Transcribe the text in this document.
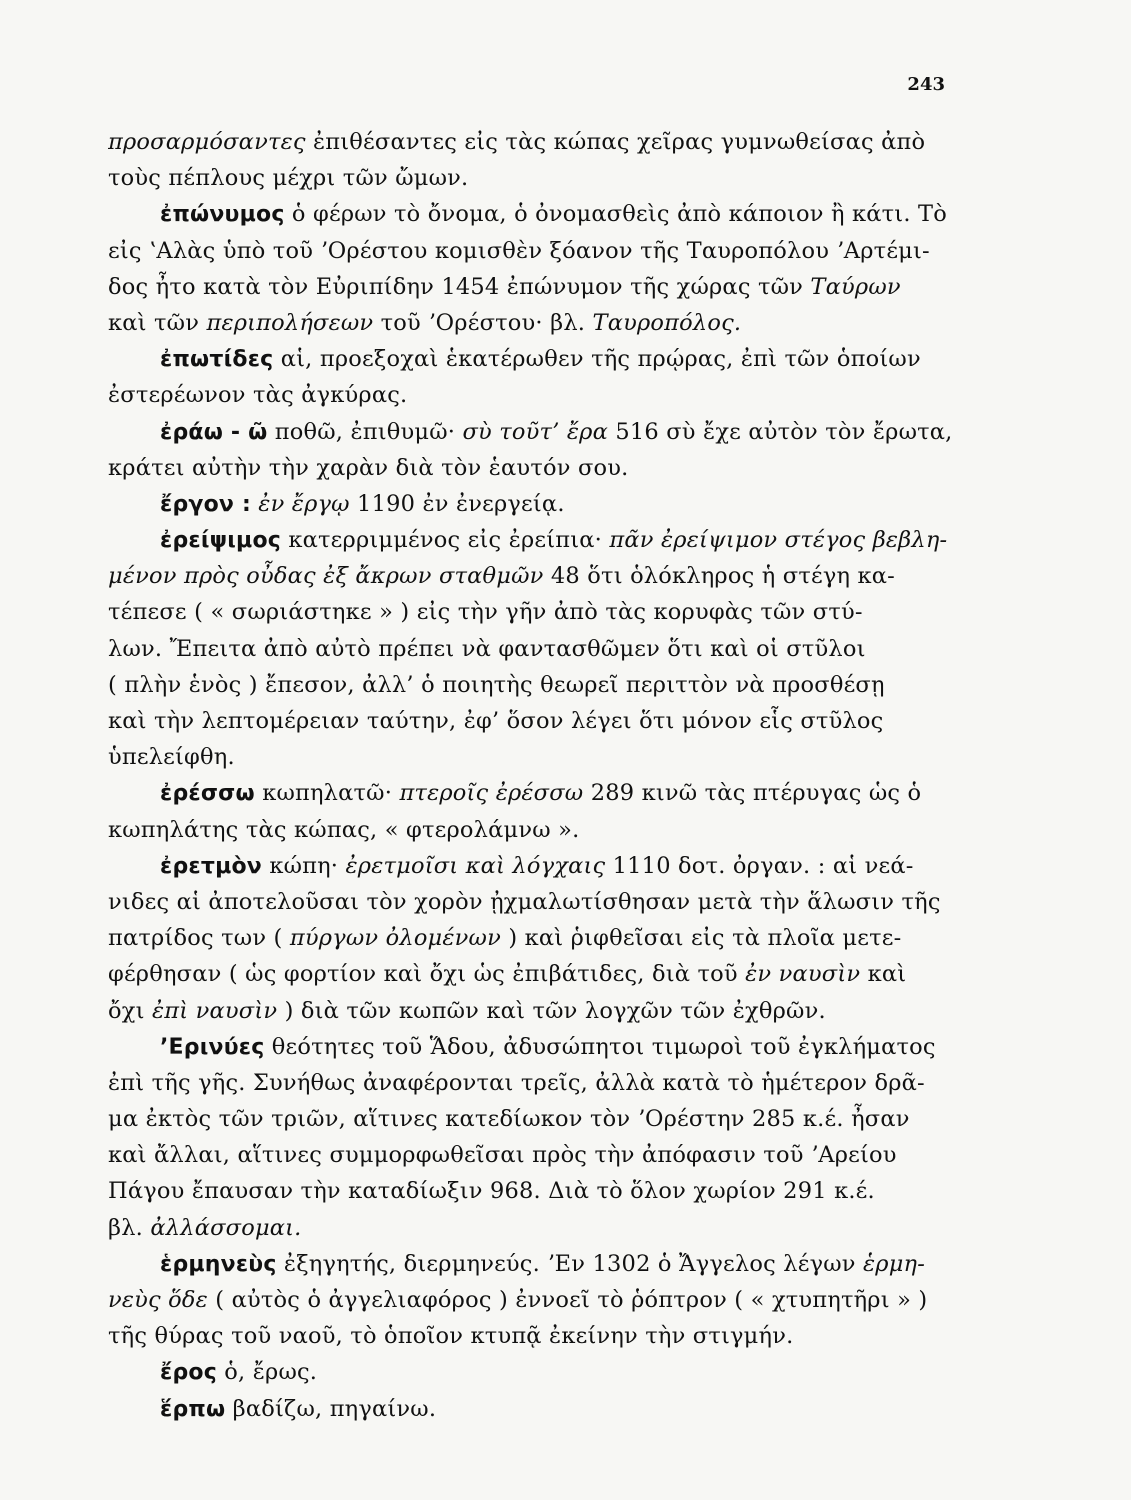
243
προσαρμόσαντες ἐπιθέσαντες εἰς τὰς κώπας χεῖρας γυμνωθείσας ἀπὸ
τοὺς πέπλους μέχρι τῶν ὤμων.
ἐπώνυμος ὁ φέρων τὸ ὄνομα, ὁ ὀνομασθεὶς ἀπὸ κάποιον ἢ κάτι. Τὸ
εἰς ʽΑλὰς ὑπὸ τοῦ ʼΟρέστου κομισθὲν ξόανον τῆς Ταυροπόλου ʼΑρτέμι-
δος ἦτο κατὰ τὸν Εὐριπίδην 1454 ἐπώνυμον τῆς χώρας τῶν Ταύρων
καὶ τῶν περιπολήσεων τοῦ ʼΟρέστου· βλ. Ταυροπόλος.
ἐπωτίδες αἱ, προεξοχαὶ ἑκατέρωθεν τῆς πρῴρας, ἐπὶ τῶν ὁποίων
ἐστερέωνον τὰς ἀγκύρας.
ἐράω - ῶ ποθῶ, ἐπιθυμῶ· σὺ τοῦτ’ ἔρα 516 σὺ ἔχε αὐτὸν τὸν ἔρωτα,
κράτει αὐτὴν τὴν χαρὰν διὰ τὸν ἑαυτόν σου.
ἔργον : ἐν ἔργῳ 1190 ἐν ἐνεργείᾳ.
ἐρείψιμος κατερριμμένος εἰς ἐρείπια· πᾶν ἐρείψιμον στέγος βεβλη-
μένον πρὸς οὖδας ἐξ ἄκρων σταθμῶν 48 ὅτι ὁλόκληρος ἡ στέγη κα-
τέπεσε ( « σωριάστηκε » ) εἰς τὴν γῆν ἀπὸ τὰς κορυφὰς τῶν στύ-
λων. Ἔπειτα ἀπὸ αὐτὸ πρέπει νὰ φαντασθῶμεν ὅτι καὶ οἱ στῦλοι
( πλὴν ἑνὸς ) ἔπεσον, ἀλλ’ ὁ ποιητὴς θεωρεῖ περιττὸν νὰ προσθέσῃ
καὶ τὴν λεπτομέρειαν ταύτην, ἐφ’ ὅσον λέγει ὅτι μόνον εἷς στῦλος
ὑπελείφθη.
ἐρέσσω κωπηλατῶ· πτεροῖς ἐρέσσω 289 κινῶ τὰς πτέρυγας ὡς ὁ
κωπηλάτης τὰς κώπας, « φτερολάμνω ».
ἐρετμὸν κώπη· ἐρετμοῖσι καὶ λόγχαις 1110 δοτ. ὀργαν. : αἱ νεά-
νιδες αἱ ἀποτελοῦσαι τὸν χορὸν ᾐχμαλωτίσθησαν μετὰ τὴν ἅλωσιν τῆς
πατρίδος των ( πύργων ὀλομένων ) καὶ ῥιφθεῖσαι εἰς τὰ πλοῖα μετε-
φέρθησαν ( ὡς φορτίον καὶ ὄχι ὡς ἐπιβάτιδες, διὰ τοῦ ἐν ναυσὶν καὶ
ὄχι ἐπὶ ναυσὶν ) διὰ τῶν κωπῶν καὶ τῶν λογχῶν τῶν ἐχθρῶν.
ʼΕρινύες θεότητες τοῦ Ἅδου, ἀδυσώπητοι τιμωροὶ τοῦ ἐγκλήματος
ἐπὶ τῆς γῆς. Συνήθως ἀναφέρονται τρεῖς, ἀλλὰ κατὰ τὸ ἡμέτερον δρᾶ-
μα ἐκτὸς τῶν τριῶν, αἵτινες κατεδίωκον τὸν ʼΟρέστην 285 κ.έ. ἦσαν
καὶ ἄλλαι, αἵτινες συμμορφωθεῖσαι πρὸς τὴν ἀπόφασιν τοῦ ʼΑρείου
Πάγου ἔπαυσαν τὴν καταδίωξιν 968. Διὰ τὸ ὅλον χωρίον 291 κ.έ.
βλ. ἀλλάσσομαι.
ἑρμηνεὺς ἐξηγητής, διερμηνεύς. ʼΕν 1302 ὁ Ἄγγελος λέγων ἑρμη-
νεὺς ὅδε ( αὐτὸς ὁ ἀγγελιαφόρος ) ἐννοεῖ τὸ ῥόπτρον ( « χτυπητῆρι » )
τῆς θύρας τοῦ ναοῦ, τὸ ὁποῖον κτυπᾷ ἐκείνην τὴν στιγμήν.
ἔρος ὁ, ἔρως.
ἕρπω βαδίζω, πηγαίνω.
